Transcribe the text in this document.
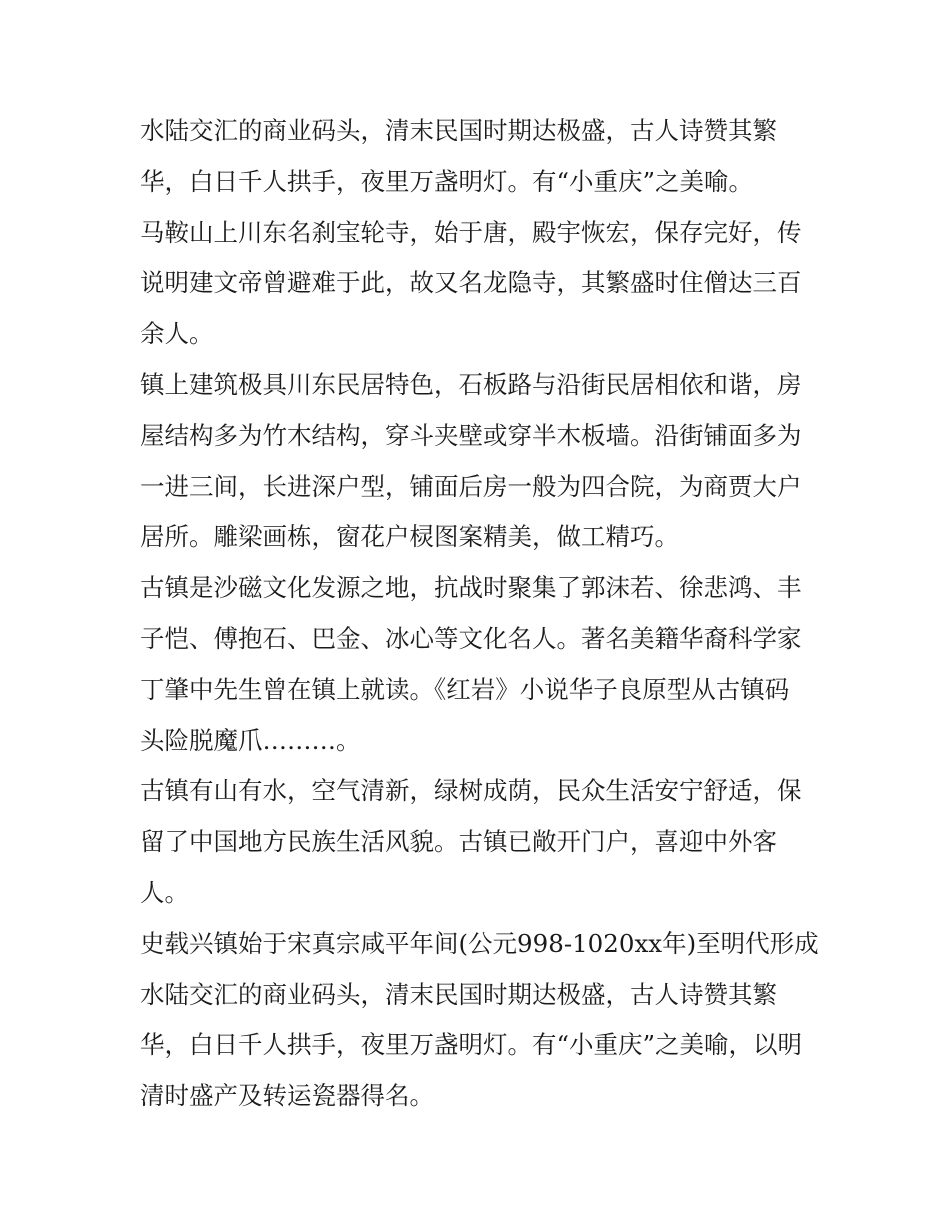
水陆交汇的商业码头，清末民国时期达极盛，古人诗赞其繁
华，白日千人拱手，夜里万盏明灯。有“小重庆”之美喻。
马鞍山上川东名刹宝轮寺，始于唐，殿宇恢宏，保存完好，传
说明建文帝曾避难于此，故又名龙隐寺，其繁盛时住僧达三百
余人。
镇上建筑极具川东民居特色，石板路与沿街民居相依和谐，房
屋结构多为竹木结构，穿斗夹壁或穿半木板墙。沿街铺面多为
一进三间，长进深户型，铺面后房一般为四合院，为商贾大户
居所。雕梁画栋，窗花户棂图案精美，做工精巧。
古镇是沙磁文化发源之地，抗战时聚集了郭沫若、徐悲鸿、丰
子恺、傅抱石、巴金、冰心等文化名人。著名美籍华裔科学家
丁肇中先生曾在镇上就读。《红岩》小说华子良原型从古镇码
头险脱魔爪………。
古镇有山有水，空气清新，绿树成荫，民众生活安宁舒适，保
留了中国地方民族生活风貌。古镇已敞开门户，喜迎中外客
人。
史载兴镇始于宋真宗咸平年间(公元998-1020xx年)至明代形成
水陆交汇的商业码头，清末民国时期达极盛，古人诗赞其繁
华，白日千人拱手，夜里万盏明灯。有“小重庆”之美喻，以明
清时盛产及转运瓷器得名。
